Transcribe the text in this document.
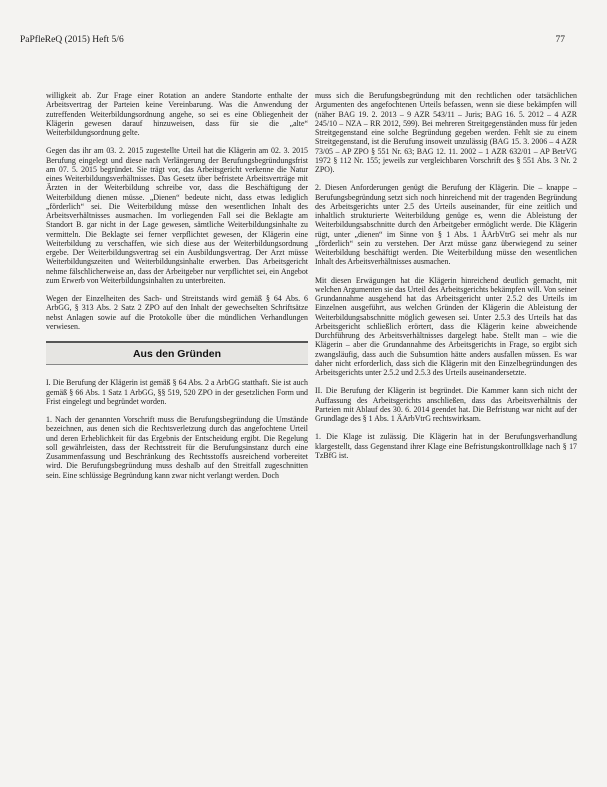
PaPfleReQ (2015) Heft 5/6	77

willigkeit ab. Zur Frage einer Rotation an andere Standorte enthalte der Arbeitsvertrag der Parteien keine Vereinbarung. Was die Anwendung der zutreffenden Weiterbildungsordnung angehe, so sei es eine Obliegenheit der Klägerin gewesen darauf hinzuweisen, dass für sie die „alte“ Weiterbildungsordnung gelte.

Gegen das ihr am 03. 2. 2015 zugestellte Urteil hat die Klägerin am 02. 3. 2015 Berufung eingelegt und diese nach Verlängerung der Berufungsbegründungsfrist am 07. 5. 2015 begründet. Sie trägt vor, das Arbeitsgericht verkenne die Natur eines Weiterbildungsverhältnisses. Das Gesetz über befristete Arbeitsverträge mit Ärzten in der Weiterbildung schreibe vor, dass die Beschäftigung der Weiterbildung dienen müsse. „Dienen“ bedeute nicht, dass etwas lediglich „förderlich“ sei. Die Weiterbildung müsse den wesentlichen Inhalt des Arbeitsverhältnisses ausmachen. Im vorliegenden Fall sei die Beklagte am Standort B. gar nicht in der Lage gewesen, sämtliche Weiterbildungsinhalte zu vermitteln. Die Beklagte sei ferner verpflichtet gewesen, der Klägerin eine Weiterbildung zu verschaffen, wie sich diese aus der Weiterbildungsordnung ergebe. Der Weiterbildungsvertrag sei ein Ausbildungsvertrag. Der Arzt müsse Weiterbildungszeiten und Weiterbildungsinhalte erwerben. Das Arbeitsgericht nehme fälschlicherweise an, dass der Arbeitgeber nur verpflichtet sei, ein Angebot zum Erwerb von Weiterbildungsinhalten zu unterbreiten.

Wegen der Einzelheiten des Sach- und Streitstands wird gemäß § 64 Abs. 6 ArbGG, § 313 Abs. 2 Satz 2 ZPO auf den Inhalt der gewechselten Schriftsätze nebst Anlagen sowie auf die Protokolle über die mündlichen Verhandlungen verwiesen.

Aus den Gründen

I. Die Berufung der Klägerin ist gemäß § 64 Abs. 2 a ArbGG statthaft. Sie ist auch gemäß § 66 Abs. 1 Satz 1 ArbGG, §§ 519, 520 ZPO in der gesetzlichen Form und Frist eingelegt und begründet worden.

1. Nach der genannten Vorschrift muss die Berufungsbegründung die Umstände bezeichnen, aus denen sich die Rechtsverletzung durch das angefochtene Urteil und deren Erheblichkeit für das Ergebnis der Entscheidung ergibt. Die Regelung soll gewährleisten, dass der Rechtsstreit für die Berufungsinstanz durch eine Zusammenfassung und Beschränkung des Rechtsstoffs ausreichend vorbereitet wird. Die Berufungsbegründung muss deshalb auf den Streitfall zugeschnitten sein. Eine schlüssige Begründung kann zwar nicht verlangt werden. Doch

muss sich die Berufungsbegründung mit den rechtlichen oder tatsächlichen Argumenten des angefochtenen Urteils befassen, wenn sie diese bekämpfen will (näher BAG 19. 2. 2013 – 9 AZR 543/11 – Juris; BAG 16. 5. 2012 – 4 AZR 245/10 – NZA – RR 2012, 599). Bei mehreren Streitgegenständen muss für jeden Streitgegenstand eine solche Begründung gegeben werden. Fehlt sie zu einem Streitgegenstand, ist die Berufung insoweit unzulässig (BAG 15. 3. 2006 – 4 AZR 73/05 – AP ZPO § 551 Nr. 63; BAG 12. 11. 2002 – 1 AZR 632/01 – AP BetrVG 1972 § 112 Nr. 155; jeweils zur vergleichbaren Vorschrift des § 551 Abs. 3 Nr. 2 ZPO).

2. Diesen Anforderungen genügt die Berufung der Klägerin. Die – knappe – Berufungsbegründung setzt sich noch hinreichend mit der tragenden Begründung des Arbeitsgerichts unter 2.5 des Urteils auseinander, für eine zeitlich und inhaltlich strukturierte Weiterbildung genüge es, wenn die Ableistung der Weiterbildungsabschnitte durch den Arbeitgeber ermöglicht werde. Die Klägerin rügt, unter „dienen“ im Sinne von § 1 Abs. 1 ÄArbVtrG sei mehr als nur „förderlich“ sein zu verstehen. Der Arzt müsse ganz überwiegend zu seiner Weiterbildung beschäftigt werden. Die Weiterbildung müsse den wesentlichen Inhalt des Arbeitsverhältnisses ausmachen.

Mit diesen Erwägungen hat die Klägerin hinreichend deutlich gemacht, mit welchen Argumenten sie das Urteil des Arbeitsgerichts bekämpfen will. Von seiner Grundannahme ausgehend hat das Arbeitsgericht unter 2.5.2 des Urteils im Einzelnen ausgeführt, aus welchen Gründen der Klägerin die Ableistung der Weiterbildungsabschnitte möglich gewesen sei. Unter 2.5.3 des Urteils hat das Arbeitsgericht schließlich erörtert, dass die Klägerin keine abweichende Durchführung des Arbeitsverhältnisses dargelegt habe. Stellt man – wie die Klägerin – aber die Grundannahme des Arbeitsgerichts in Frage, so ergibt sich zwangsläufig, dass auch die Subsumtion hätte anders ausfallen müssen. Es war daher nicht erforderlich, dass sich die Klägerin mit den Einzelbegründungen des Arbeitsgerichts unter 2.5.2 und 2.5.3 des Urteils auseinandersetzte.

II. Die Berufung der Klägerin ist begründet. Die Kammer kann sich nicht der Auffassung des Arbeitsgerichts anschließen, dass das Arbeitsverhältnis der Parteien mit Ablauf des 30. 6. 2014 geendet hat. Die Befristung war nicht auf der Grundlage des § 1 Abs. 1 ÄArbVtrG rechtswirksam.

1. Die Klage ist zulässig. Die Klägerin hat in der Berufungsverhandlung klargestellt, dass Gegenstand ihrer Klage eine Befristungskontrollklage nach § 17 TzBfG ist.
